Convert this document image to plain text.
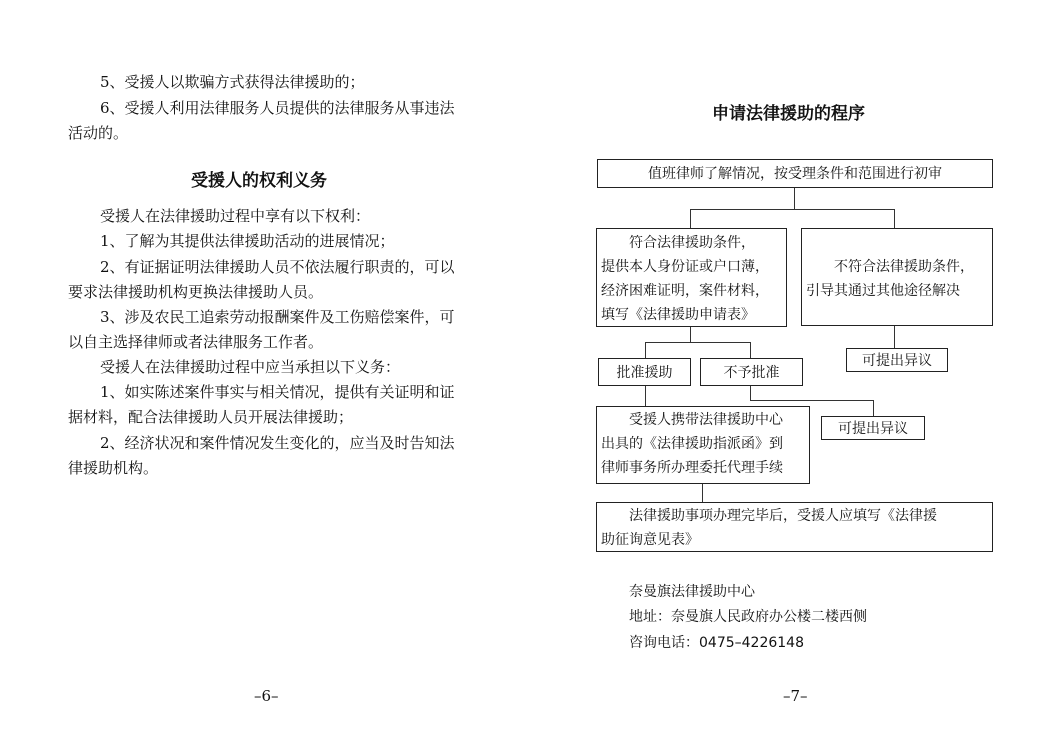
5、受援人以欺骗方式获得法律援助的；

6、受援人利用法律服务人员提供的法律服务从事违法活动的。

受援人的权利义务

受援人在法律援助过程中享有以下权利：

1、了解为其提供法律援助活动的进展情况；

2、有证据证明法律援助人员不依法履行职责的，可以要求法律援助机构更换法律援助人员。

3、涉及农民工追索劳动报酬案件及工伤赔偿案件，可以自主选择律师或者法律服务工作者。

受援人在法律援助过程中应当承担以下义务：

1、如实陈述案件事实与相关情况，提供有关证明和证据材料，配合法律援助人员开展法律援助；

2、经济状况和案件情况发生变化的，应当及时告知法律援助机构。

–6–
申请法律援助的程序
值班律师了解情况，按受理条件和范围进行初审
符合法律援助条件，
提供本人身份证或户口薄，
经济困难证明，案件材料，
填写《法律援助申请表》
不符合法律援助条件，
引导其通过其他途径解决
可提出异议
批准援助	不予批准
可提出异议
受援人携带法律援助中心
出具的《法律援助指派函》到
律师事务所办理委托代理手续
法律援助事项办理完毕后，受援人应填写《法律援
助征询意见表》
奈曼旗法律援助中心
地址：奈曼旗人民政府办公楼二楼西侧
咨询电话：0475–4226148
–7–
